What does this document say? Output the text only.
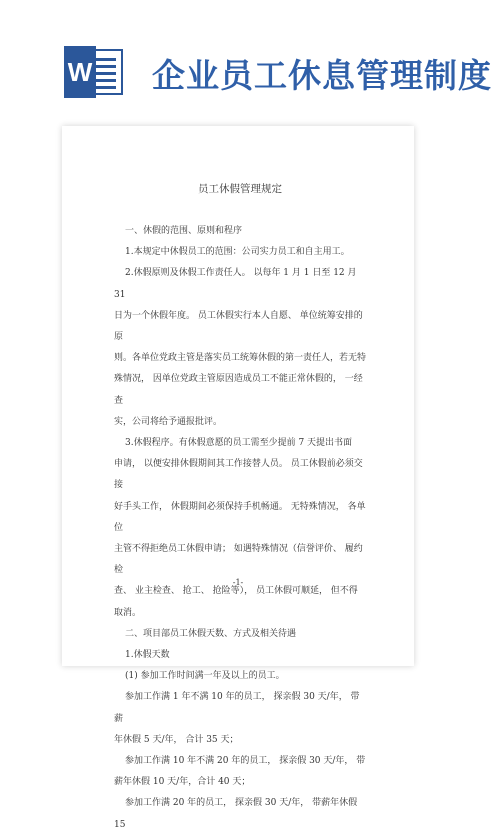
W 企业员工休息管理制度

员工休假管理规定

一、休假的范围、原则和程序

1.本规定中休假员工的范围：公司实力员工和自主用工。

2.休假原则及休假工作责任人。 以每年 1 月 1 日至 12 月 31

日为一个休假年度。 员工休假实行本人自愿、 单位统筹安排的原

则。各单位党政主管是落实员工统筹休假的第一责任人，若无特

殊情况， 因单位党政主管原因造成员工不能正常休假的， 一经查

实，公司将给予通报批评。

3.休假程序。有休假意愿的员工需至少提前 7 天提出书面

申请， 以便安排休假期间其工作接替人员。 员工休假前必须交接

好手头工作， 休假期间必须保持手机畅通。 无特殊情况， 各单位

主管不得拒绝员工休假申请； 如遇特殊情况（信誉评价、 履约检

查、 业主检查、 抢工、 抢险等）， 员工休假可顺延， 但不得取消。

二、项目部员工休假天数、方式及相关待遇

1.休假天数

(1) 参加工作时间满一年及以上的员工。

参加工作满 1 年不满 10 年的员工， 探亲假 30 天/年， 带薪

年休假 5 天/年， 合计 35 天；

参加工作满 10 年不满 20 年的员工， 探亲假 30 天/年， 带

薪年休假 10 天/年，合计 40 天；

参加工作满 20 年的员工， 探亲假 30 天/年， 带薪年休假 15

-1-
